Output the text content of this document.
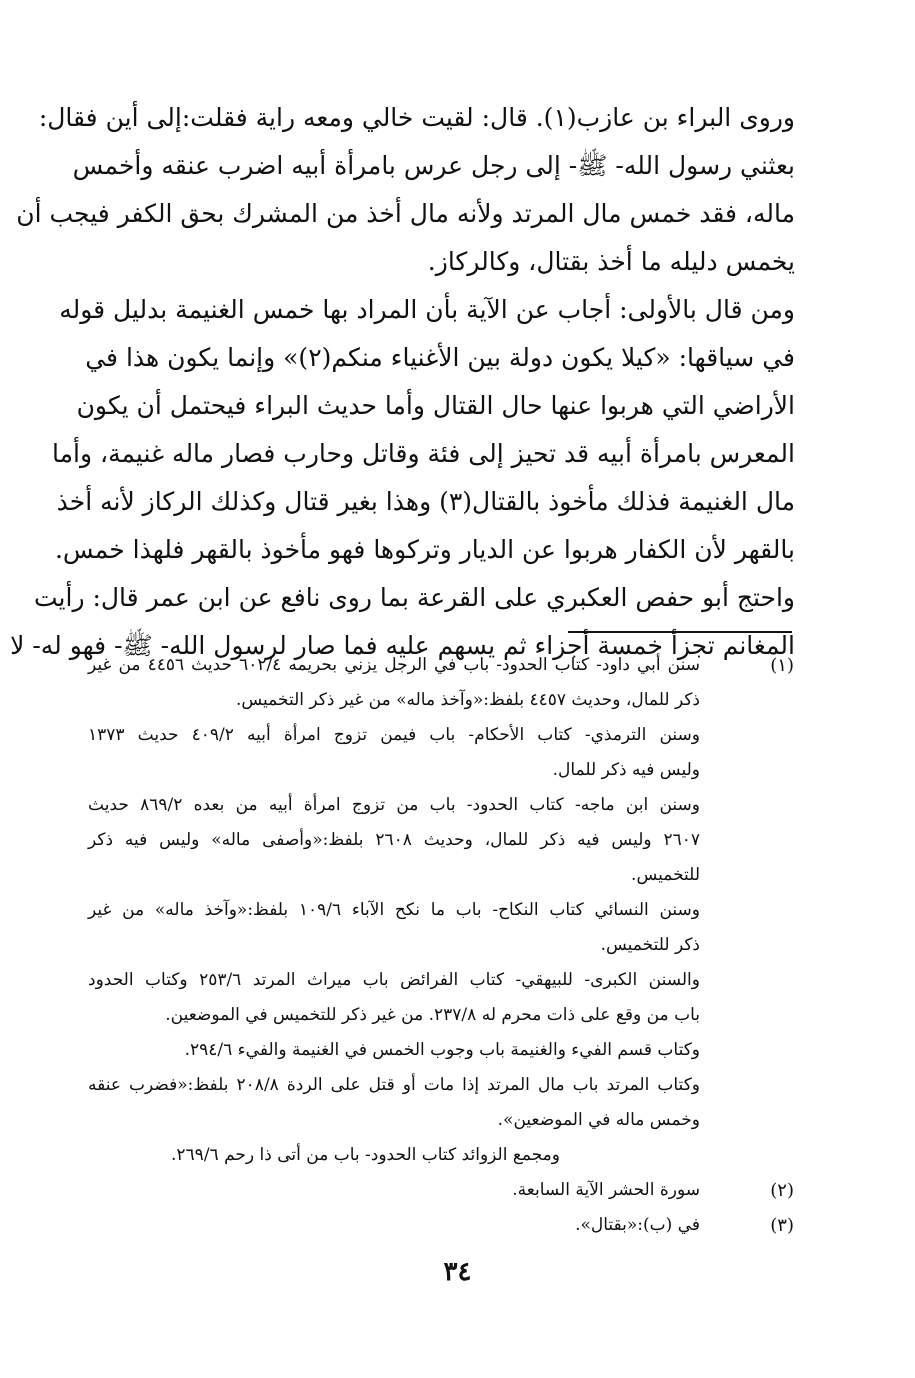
وروى البراء بن عازب(١). قال: لقيت خالي ومعه راية فقلت:إلى أين فقال:
بعثني رسول الله- ﷺ- إلى رجل عرس بامرأة أبيه اضرب عنقه وأخمس
ماله، فقد خمس مال المرتد ولأنه مال أخذ من المشرك بحق الكفر فيجب أن
يخمس دليله ما أخذ بقتال، وكالركاز.
ومن قال بالأولى: أجاب عن الآية بأن المراد بها خمس الغنيمة بدليل قوله
في سياقها: «كيلا يكون دولة بين الأغنياء منكم(٢)» وإنما يكون هذا في
الأراضي التي هربوا عنها حال القتال وأما حديث البراء فيحتمل أن يكون
المعرس بامرأة أبيه قد تحيز إلى فئة وقاتل وحارب فصار ماله غنيمة، وأما
مال الغنيمة فذلك مأخوذ بالقتال(٣) وهذا بغير قتال وكذلك الركاز لأنه أخذ
بالقهر لأن الكفار هربوا عن الديار وتركوها فهو مأخوذ بالقهر فلهذا خمس.
واحتج أبو حفص العكبري على القرعة بما روى نافع عن ابن عمر قال: رأيت
المغانم تجزأ خمسة أجزاء ثم يسهم عليه فما صار لرسول الله- ﷺ- فهو له- لا
(١)
سنن أبي داود- كتاب الحدود- باب في الرجل يزني بحريمه ٦٠٢/٤ حديث ٤٤٥٦ من غير
ذكر للمال، وحديث ٤٤٥٧ بلفظ:«وآخذ ماله» من غير ذكر التخميس.
وسنن الترمذي- كتاب الأحكام- باب فيمن تزوج امرأة أبيه ٤٠٩/٢ حديث ١٣٧٣
وليس فيه ذكر للمال.
وسنن ابن ماجه- كتاب الحدود- باب من تزوج امرأة أبيه من بعده ٨٦٩/٢ حديث
٢٦٠٧ وليس فيه ذكر للمال، وحديث ٢٦٠٨ بلفظ:«وأصفى ماله» وليس فيه ذكر
للتخميس.
وسنن النسائي كتاب النكاح- باب ما نكح الآباء ١٠٩/٦ بلفظ:«وآخذ ماله» من غير
ذكر للتخميس.
والسنن الكبرى- للبيهقي- كتاب الفرائض باب ميراث المرتد ٢٥٣/٦ وكتاب الحدود
باب من وقع على ذات محرم له ٢٣٧/٨. من غير ذكر للتخميس في الموضعين.
وكتاب قسم الفيء والغنيمة باب وجوب الخمس في الغنيمة والفيء ٢٩٤/٦.
وكتاب المرتد باب مال المرتد إذا مات أو قتل على الردة ٢٠٨/٨ بلفظ:«فضرب عنقه
وخمس ماله في الموضعين».
ومجمع الزوائد كتاب الحدود- باب من أتى ذا رحم ٢٦٩/٦.
(٢)
سورة الحشر الآية السابعة.
(٣)
في (ب):«بقتال».
٣٤
